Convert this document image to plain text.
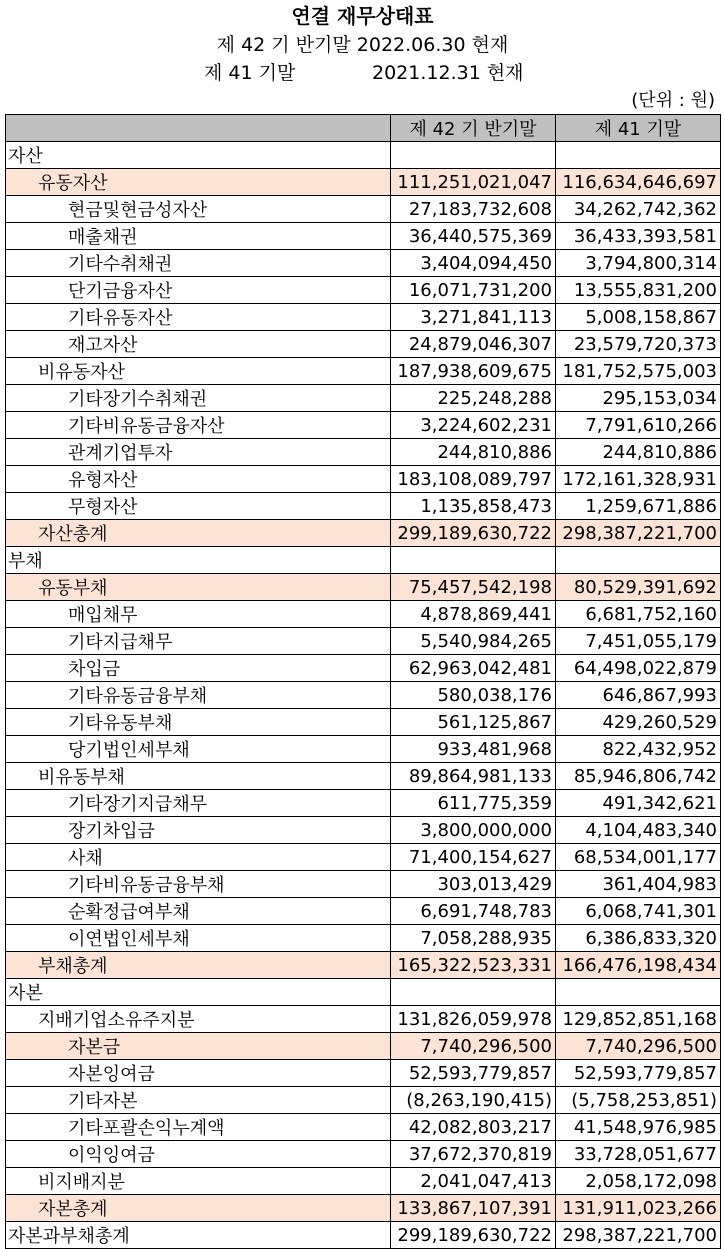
연결 재무상태표
제 42 기 반기말 2022.06.30 현재
제 41 기말	2021.12.31 현재
(단위 : 원)
	제 42 기 반기말	제 41 기말
자산		
유동자산	111,251,021,047	116,634,646,697
현금및현금성자산	27,183,732,608	34,262,742,362
매출채권	36,440,575,369	36,433,393,581
기타수취채권	3,404,094,450	3,794,800,314
단기금융자산	16,071,731,200	13,555,831,200
기타유동자산	3,271,841,113	5,008,158,867
재고자산	24,879,046,307	23,579,720,373
비유동자산	187,938,609,675	181,752,575,003
기타장기수취채권	225,248,288	295,153,034
기타비유동금융자산	3,224,602,231	7,791,610,266
관계기업투자	244,810,886	244,810,886
유형자산	183,108,089,797	172,161,328,931
무형자산	1,135,858,473	1,259,671,886
자산총계	299,189,630,722	298,387,221,700
부채		
유동부채	75,457,542,198	80,529,391,692
매입채무	4,878,869,441	6,681,752,160
기타지급채무	5,540,984,265	7,451,055,179
차입금	62,963,042,481	64,498,022,879
기타유동금융부채	580,038,176	646,867,993
기타유동부채	561,125,867	429,260,529
당기법인세부채	933,481,968	822,432,952
비유동부채	89,864,981,133	85,946,806,742
기타장기지급채무	611,775,359	491,342,621
장기차입금	3,800,000,000	4,104,483,340
사채	71,400,154,627	68,534,001,177
기타비유동금융부채	303,013,429	361,404,983
순확정급여부채	6,691,748,783	6,068,741,301
이연법인세부채	7,058,288,935	6,386,833,320
부채총계	165,322,523,331	166,476,198,434
자본		
지배기업소유주지분	131,826,059,978	129,852,851,168
자본금	7,740,296,500	7,740,296,500
자본잉여금	52,593,779,857	52,593,779,857
기타자본	(8,263,190,415)	(5,758,253,851)
기타포괄손익누계액	42,082,803,217	41,548,976,985
이익잉여금	37,672,370,819	33,728,051,677
비지배지분	2,041,047,413	2,058,172,098
자본총계	133,867,107,391	131,911,023,266
자본과부채총계	299,189,630,722	298,387,221,700
